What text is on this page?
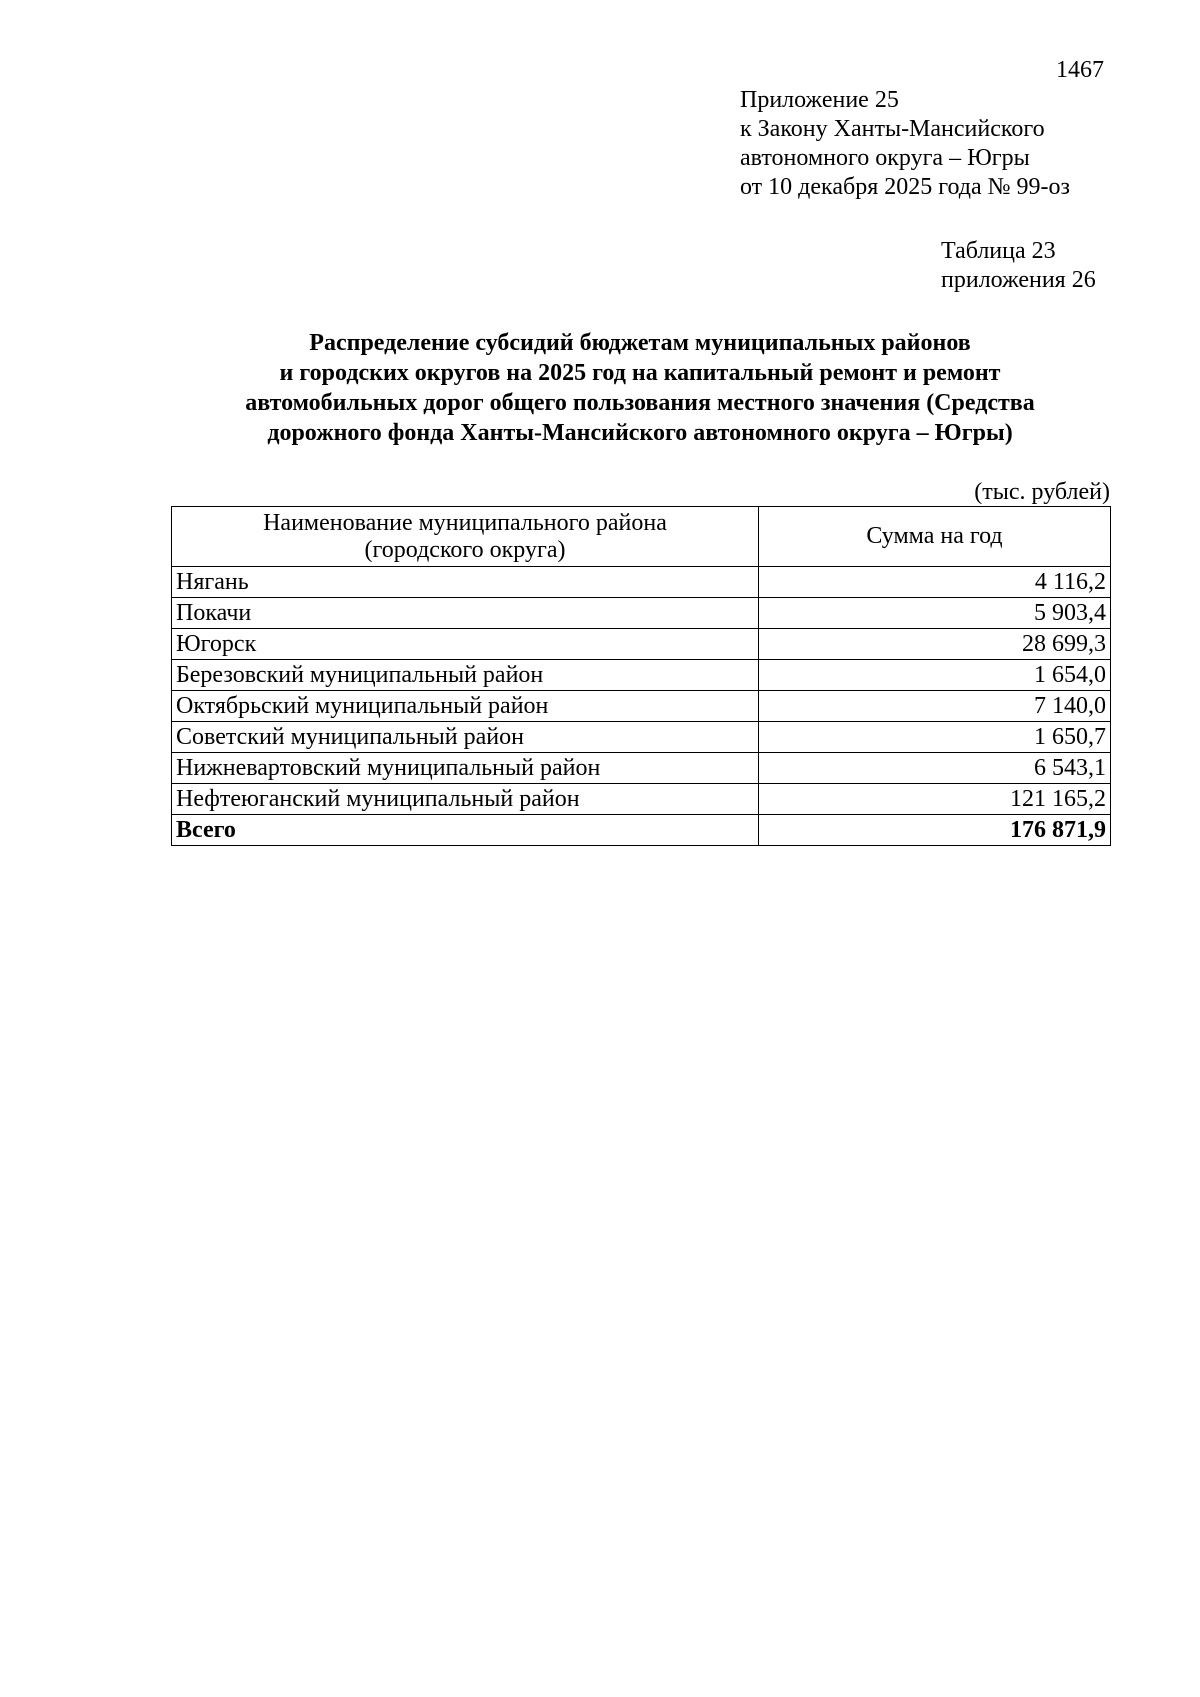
1467
Приложение 25
к Закону Ханты-Мансийского
автономного округа – Югры
от 10 декабря 2025 года № 99-оз
Таблица 23
приложения 26
Распределение субсидий бюджетам муниципальных районов
и городских округов на 2025 год на капитальный ремонт и ремонт
автомобильных дорог общего пользования местного значения (Средства
дорожного фонда Ханты-Мансийского автономного округа – Югры)
(тыс. рублей)
Наименование муниципального района
(городского округа)	Сумма на год
Нягань	4 116,2
Покачи	5 903,4
Югорск	28 699,3
Березовский муниципальный район	1 654,0
Октябрьский муниципальный район	7 140,0
Советский муниципальный район	1 650,7
Нижневартовский муниципальный район	6 543,1
Нефтеюганский муниципальный район	121 165,2
Всего	176 871,9
